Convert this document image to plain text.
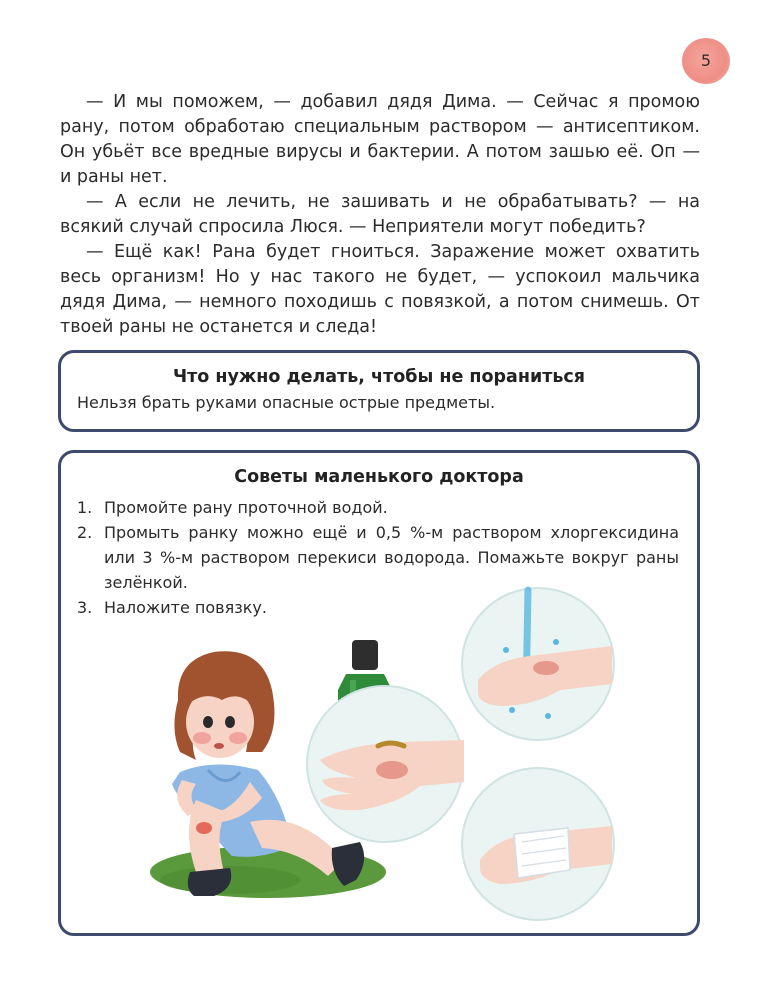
5

— И мы поможем, — добавил дядя Дима. — Сейчас я промою рану, потом обработаю специальным раствором — антисептиком. Он убьёт все вредные вирусы и бактерии. А потом зашью её. Оп — и раны нет.

— А если не лечить, не зашивать и не обрабатывать? — на всякий случай спросила Люся. — Неприятели могут победить?

— Ещё как! Рана будет гноиться. Заражение может охватить весь организм! Но у нас такого не будет, — успокоил мальчика дядя Дима, — немного походишь с повязкой, а потом снимешь. От твоей раны не останется и следа!

Что нужно делать, чтобы не пораниться
Нельзя брать руками опасные острые предметы.
Советы маленького доктора
1. Промойте рану проточной водой.
2. Промыть ранку можно ещё и 0,5 %-м раствором хлоргексидина или 3 %-м раствором перекиси водорода. Помажьте вокруг раны зелёнкой.
3. Наложите повязку.
